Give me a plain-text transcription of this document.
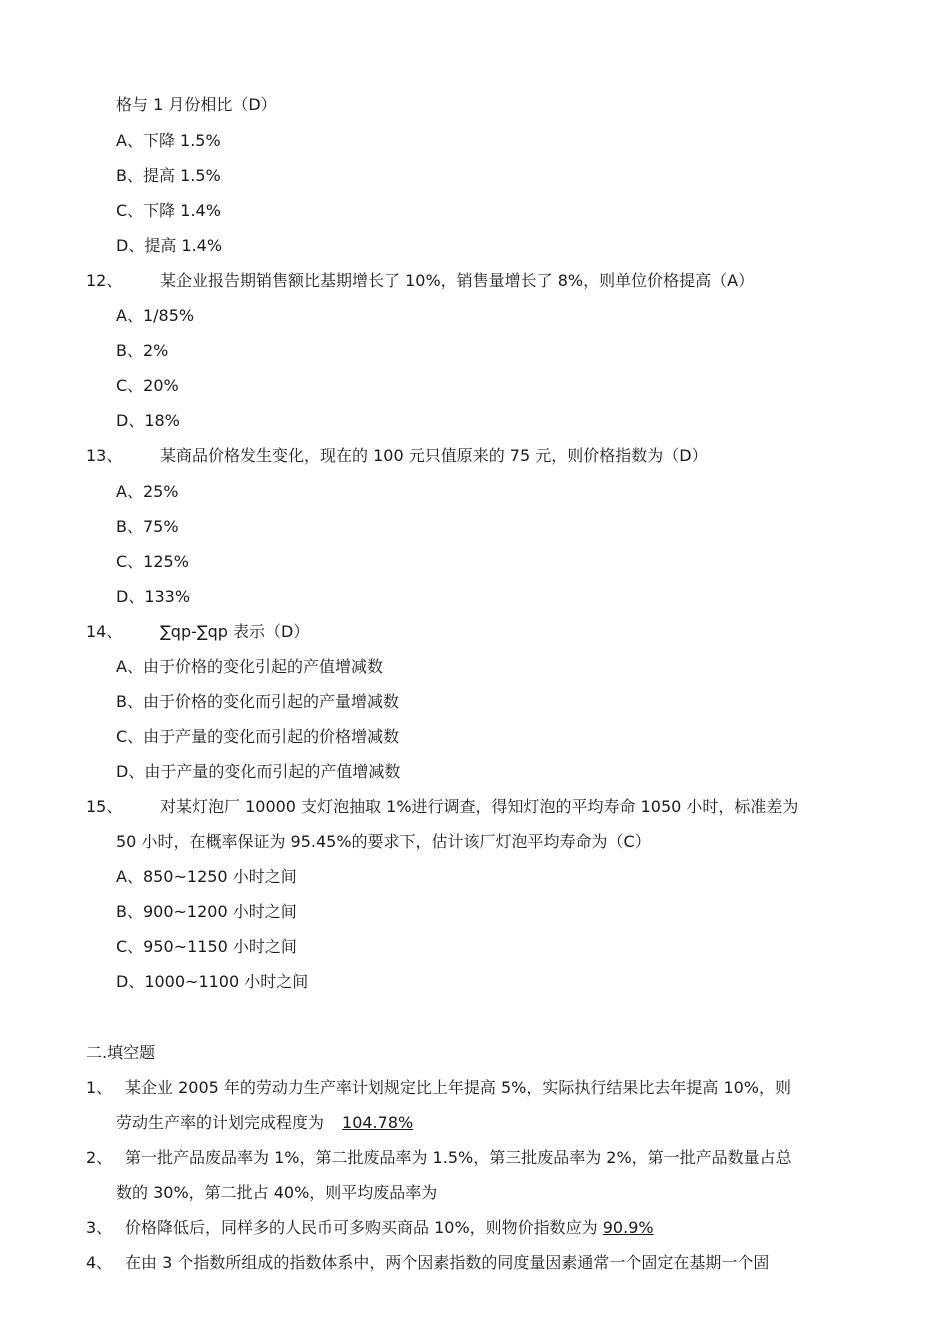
格与 1 月份相比（D）
A、下降 1.5%
B、提高 1.5%
C、下降 1.4%
D、提高 1.4%
12、 某企业报告期销售额比基期增长了 10%，销售量增长了 8%，则单位价格提高（A）
A、1/85%
B、2%
C、20%
D、18%
13、 某商品价格发生变化，现在的 100 元只值原来的 75 元，则价格指数为（D）
A、25%
B、75%
C、125%
D、133%
14、 ∑qp-∑qp 表示（D）
A、由于价格的变化引起的产值增减数
B、由于价格的变化而引起的产量增减数
C、由于产量的变化而引起的价格增减数
D、由于产量的变化而引起的产值增减数
15、 对某灯泡厂 10000 支灯泡抽取 1%进行调查，得知灯泡的平均寿命 1050 小时，标准差为
50 小时，在概率保证为 95.45%的要求下，估计该厂灯泡平均寿命为（C）
A、850~1250 小时之间
B、900~1200 小时之间
C、950~1150 小时之间
D、1000~1100 小时之间
二.填空题
1、 某企业 2005 年的劳动力生产率计划规定比上年提高 5%，实际执行结果比去年提高 10%，则
劳动生产率的计划完成程度为 104.78%
2、 第一批产品废品率为 1%，第二批废品率为 1.5%，第三批废品率为 2%，第一批产品数量占总
数的 30%，第二批占 40%，则平均废品率为
3、 价格降低后，同样多的人民币可多购买商品 10%，则物价指数应为 90.9%
4、 在由 3 个指数所组成的指数体系中，两个因素指数的同度量因素通常一个固定在基期一个固
